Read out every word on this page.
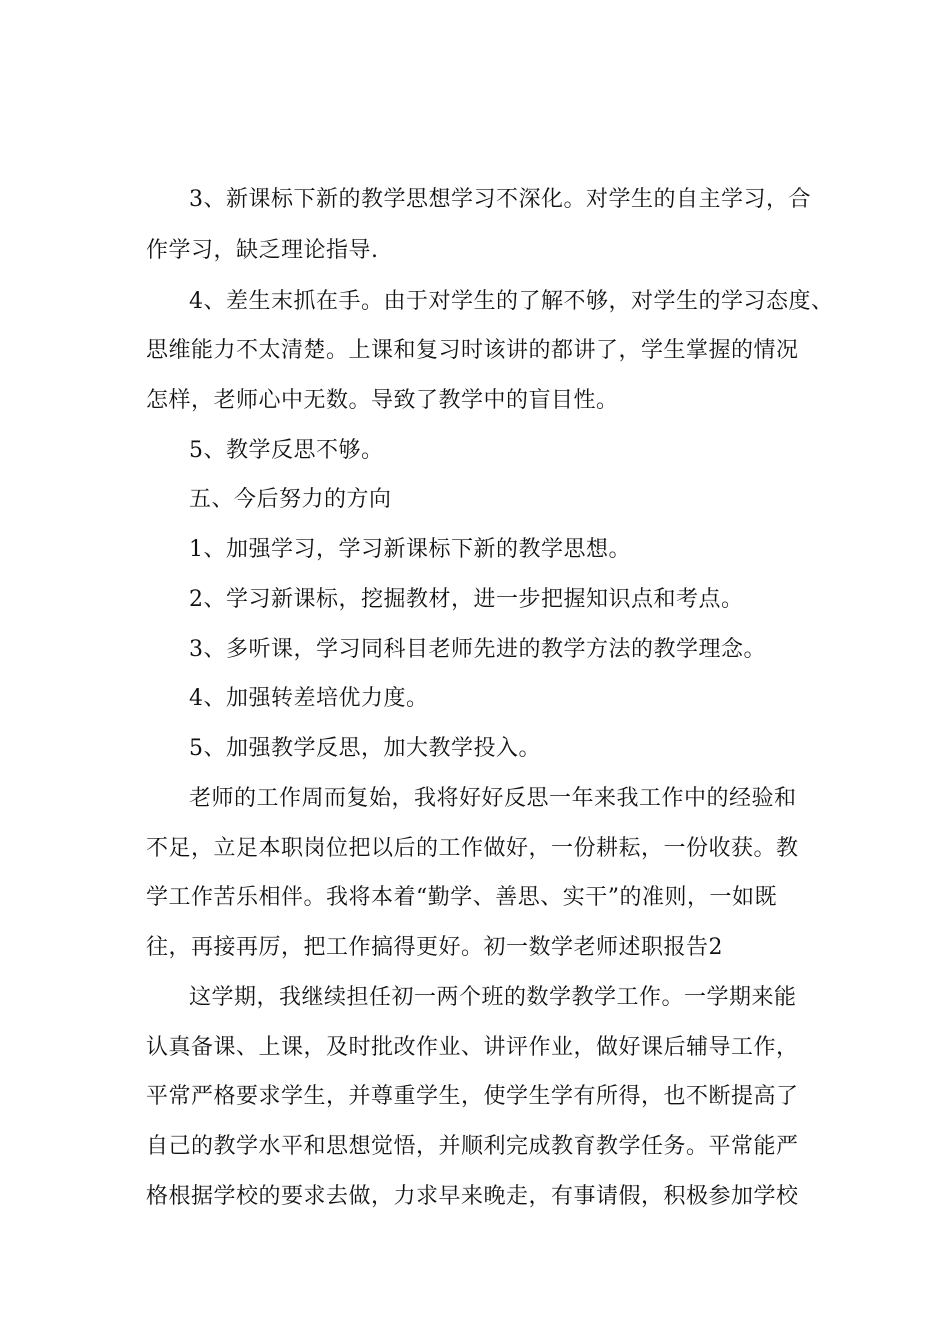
3、新课标下新的教学思想学习不深化。对学生的自主学习，合
作学习，缺乏理论指导.
4、差生末抓在手。由于对学生的了解不够，对学生的学习态度、
思维能力不太清楚。上课和复习时该讲的都讲了，学生掌握的情况
怎样，老师心中无数。导致了教学中的盲目性。
5、教学反思不够。
五、今后努力的方向
1、加强学习，学习新课标下新的教学思想。
2、学习新课标，挖掘教材，进一步把握知识点和考点。
3、多听课，学习同科目老师先进的教学方法的教学理念。
4、加强转差培优力度。
5、加强教学反思，加大教学投入。
老师的工作周而复始，我将好好反思一年来我工作中的经验和
不足，立足本职岗位把以后的工作做好，一份耕耘，一份收获。教
学工作苦乐相伴。我将本着“勤学、善思、实干”的准则，一如既
往，再接再厉，把工作搞得更好。初一数学老师述职报告2
这学期，我继续担任初一两个班的数学教学工作。一学期来能
认真备课、上课，及时批改作业、讲评作业，做好课后辅导工作，
平常严格要求学生，并尊重学生，使学生学有所得，也不断提高了
自己的教学水平和思想觉悟，并顺利完成教育教学任务。平常能严
格根据学校的要求去做，力求早来晚走，有事请假，积极参加学校
